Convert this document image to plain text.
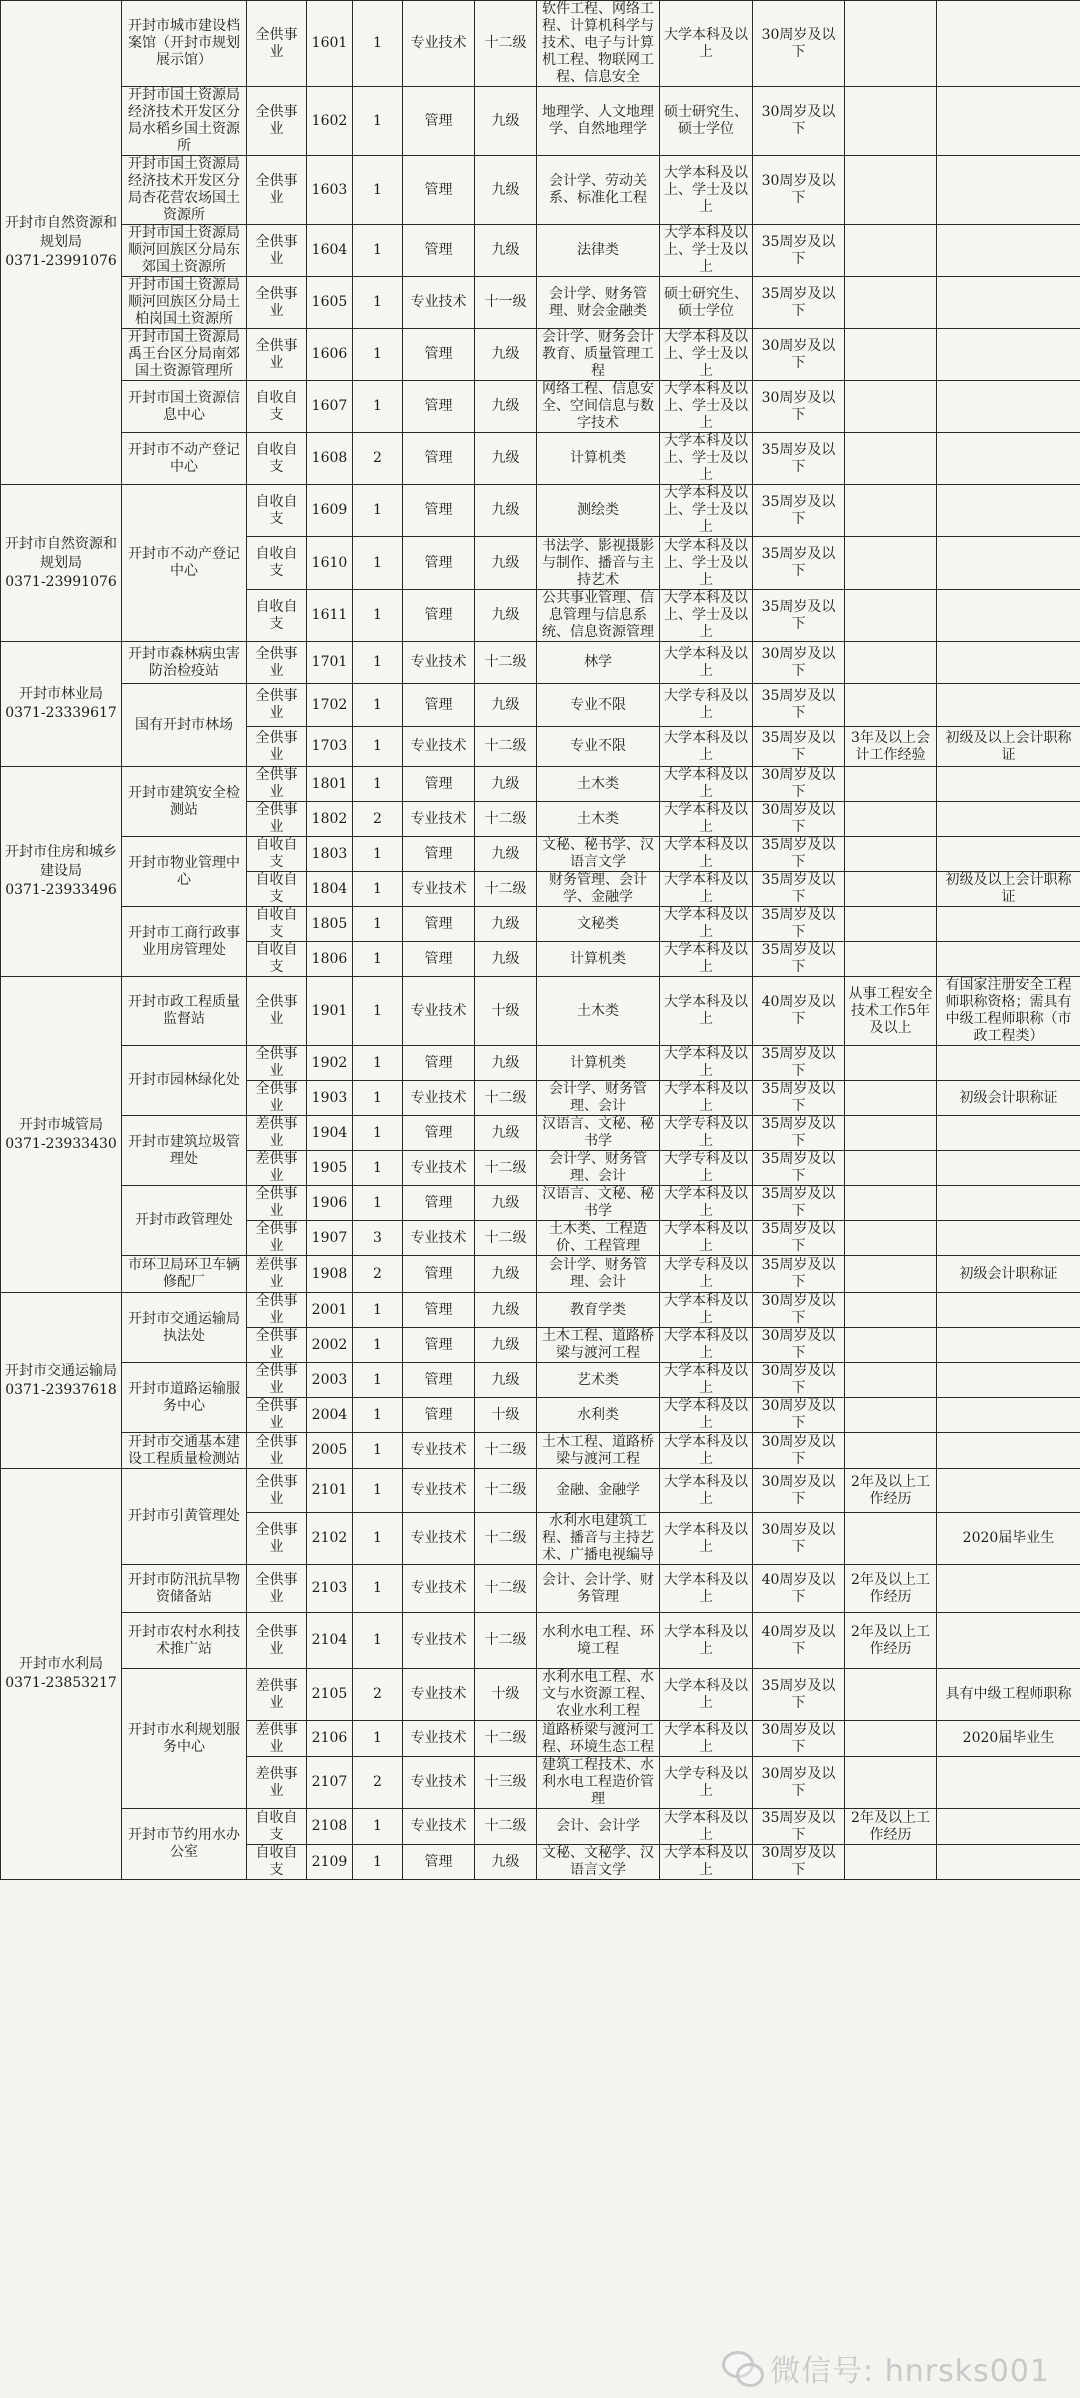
开封市自然资源和规划局
0371-23991076	开封市城市建设档案馆（开封市规划展示馆）	全供事业	1601	1	专业技术	十二级	软件工程、网络工程、计算机科学与技术、电子与计算机工程、物联网工程、信息安全	大学本科及以上	30周岁及以下		
	开封市国土资源局经济技术开发区分局水稻乡国土资源所	全供事业	1602	1	管理	九级	地理学、人文地理学、自然地理学	硕士研究生、硕士学位	30周岁及以下		
	开封市国土资源局经济技术开发区分局杏花营农场国土资源所	全供事业	1603	1	管理	九级	会计学、劳动关系、标准化工程	大学本科及以上、学士及以上	30周岁及以下		
	开封市国土资源局顺河回族区分局东郊国土资源所	全供事业	1604	1	管理	九级	法律类	大学本科及以上、学士及以上	35周岁及以下		
	开封市国土资源局顺河回族区分局土柏岗国土资源所	全供事业	1605	1	专业技术	十一级	会计学、财务管理、财会金融类	硕士研究生、硕士学位	35周岁及以下		
	开封市国土资源局禹王台区分局南郊国土资源管理所	全供事业	1606	1	管理	九级	会计学、财务会计教育、质量管理工程	大学本科及以上、学士及以上	30周岁及以下		
	开封市国土资源信息中心	自收自支	1607	1	管理	九级	网络工程、信息安全、空间信息与数字技术	大学本科及以上、学士及以上	30周岁及以下		
	开封市不动产登记中心	自收自支	1608	2	管理	九级	计算机类	大学本科及以上、学士及以上	35周岁及以下		
开封市自然资源和规划局
0371-23991076	开封市不动产登记中心	自收自支	1609	1	管理	九级	测绘类	大学本科及以上、学士及以上	35周岁及以下		
		自收自支	1610	1	管理	九级	书法学、影视摄影与制作、播音与主持艺术	大学本科及以上、学士及以上	35周岁及以下		
		自收自支	1611	1	管理	九级	公共事业管理、信息管理与信息系统、信息资源管理	大学本科及以上、学士及以上	35周岁及以下		
开封市林业局
0371-23339617	开封市森林病虫害防治检疫站	全供事业	1701	1	专业技术	十二级	林学	大学本科及以上	30周岁及以下		
	国有开封市林场	全供事业	1702	1	管理	九级	专业不限	大学专科及以上	35周岁及以下		
		全供事业	1703	1	专业技术	十二级	专业不限	大学本科及以上	35周岁及以下	3年及以上会计工作经验	初级及以上会计职称证
开封市住房和城乡建设局
0371-23933496	开封市建筑安全检测站	全供事业	1801	1	管理	九级	土木类	大学本科及以上	30周岁及以下		
		全供事业	1802	2	专业技术	十二级	土木类	大学本科及以上	30周岁及以下		
	开封市物业管理中心	自收自支	1803	1	管理	九级	文秘、秘书学、汉语言文学	大学本科及以上	35周岁及以下		
		自收自支	1804	1	专业技术	十二级	财务管理、会计学、金融学	大学本科及以上	35周岁及以下		初级及以上会计职称证
	开封市工商行政事业用房管理处	自收自支	1805	1	管理	九级	文秘类	大学本科及以上	35周岁及以下		
		自收自支	1806	1	管理	九级	计算机类	大学本科及以上	35周岁及以下		
开封市城管局
0371-23933430	开封市政工程质量监督站	全供事业	1901	1	专业技术	十级	土木类	大学本科及以上	40周岁及以下	从事工程安全技术工作5年及以上	有国家注册安全工程师职称资格；需具有中级工程师职称（市政工程类）
	开封市园林绿化处	全供事业	1902	1	管理	九级	计算机类	大学本科及以上	35周岁及以下		
		全供事业	1903	1	专业技术	十二级	会计学、财务管理、会计	大学本科及以上	35周岁及以下		初级会计职称证
	开封市建筑垃圾管理处	差供事业	1904	1	管理	九级	汉语言、文秘、秘书学	大学专科及以上	35周岁及以下		
		差供事业	1905	1	专业技术	十二级	会计学、财务管理、会计	大学专科及以上	35周岁及以下		
	开封市政管理处	全供事业	1906	1	管理	九级	汉语言、文秘、秘书学	大学本科及以上	35周岁及以下		
		全供事业	1907	3	专业技术	十二级	土木类、工程造价、工程管理	大学本科及以上	35周岁及以下		
	市环卫局环卫车辆修配厂	差供事业	1908	2	管理	九级	会计学、财务管理、会计	大学专科及以上	35周岁及以下		初级会计职称证
开封市交通运输局
0371-23937618	开封市交通运输局执法处	全供事业	2001	1	管理	九级	教育学类	大学本科及以上	30周岁及以下		
		全供事业	2002	1	管理	九级	土木工程、道路桥梁与渡河工程	大学本科及以上	30周岁及以下		
	开封市道路运输服务中心	全供事业	2003	1	管理	九级	艺术类	大学本科及以上	30周岁及以下		
		全供事业	2004	1	管理	十级	水利类	大学本科及以上	30周岁及以下		
	开封市交通基本建设工程质量检测站	全供事业	2005	1	专业技术	十二级	土木工程、道路桥梁与渡河工程	大学本科及以上	30周岁及以下		
开封市水利局
0371-23853217	开封市引黄管理处	全供事业	2101	1	专业技术	十二级	金融、金融学	大学本科及以上	30周岁及以下	2年及以上工作经历	
		全供事业	2102	1	专业技术	十二级	水利水电建筑工程、播音与主持艺术、广播电视编导	大学本科及以上	30周岁及以下		2020届毕业生
	开封市防汛抗旱物资储备站	全供事业	2103	1	专业技术	十二级	会计、会计学、财务管理	大学本科及以上	40周岁及以下	2年及以上工作经历	
	开封市农村水利技术推广站	全供事业	2104	1	专业技术	十二级	水利水电工程、环境工程	大学本科及以上	40周岁及以下	2年及以上工作经历	
	开封市水利规划服务中心	差供事业	2105	2	专业技术	十级	水利水电工程、水文与水资源工程、农业水利工程	大学本科及以上	35周岁及以下		具有中级工程师职称
		差供事业	2106	1	专业技术	十二级	道路桥梁与渡河工程、环境生态工程	大学本科及以上	30周岁及以下		2020届毕业生
		差供事业	2107	2	专业技术	十三级	建筑工程技术、水利水电工程造价管理	大学专科及以上	30周岁及以下		
	开封市节约用水办公室	自收自支	2108	1	专业技术	十二级	会计、会计学	大学本科及以上	35周岁及以下	2年及以上工作经历	
		自收自支	2109	1	管理	九级	文秘、文秘学、汉语言文学	大学本科及以上	30周岁及以下		
微信号: hnrsks001
